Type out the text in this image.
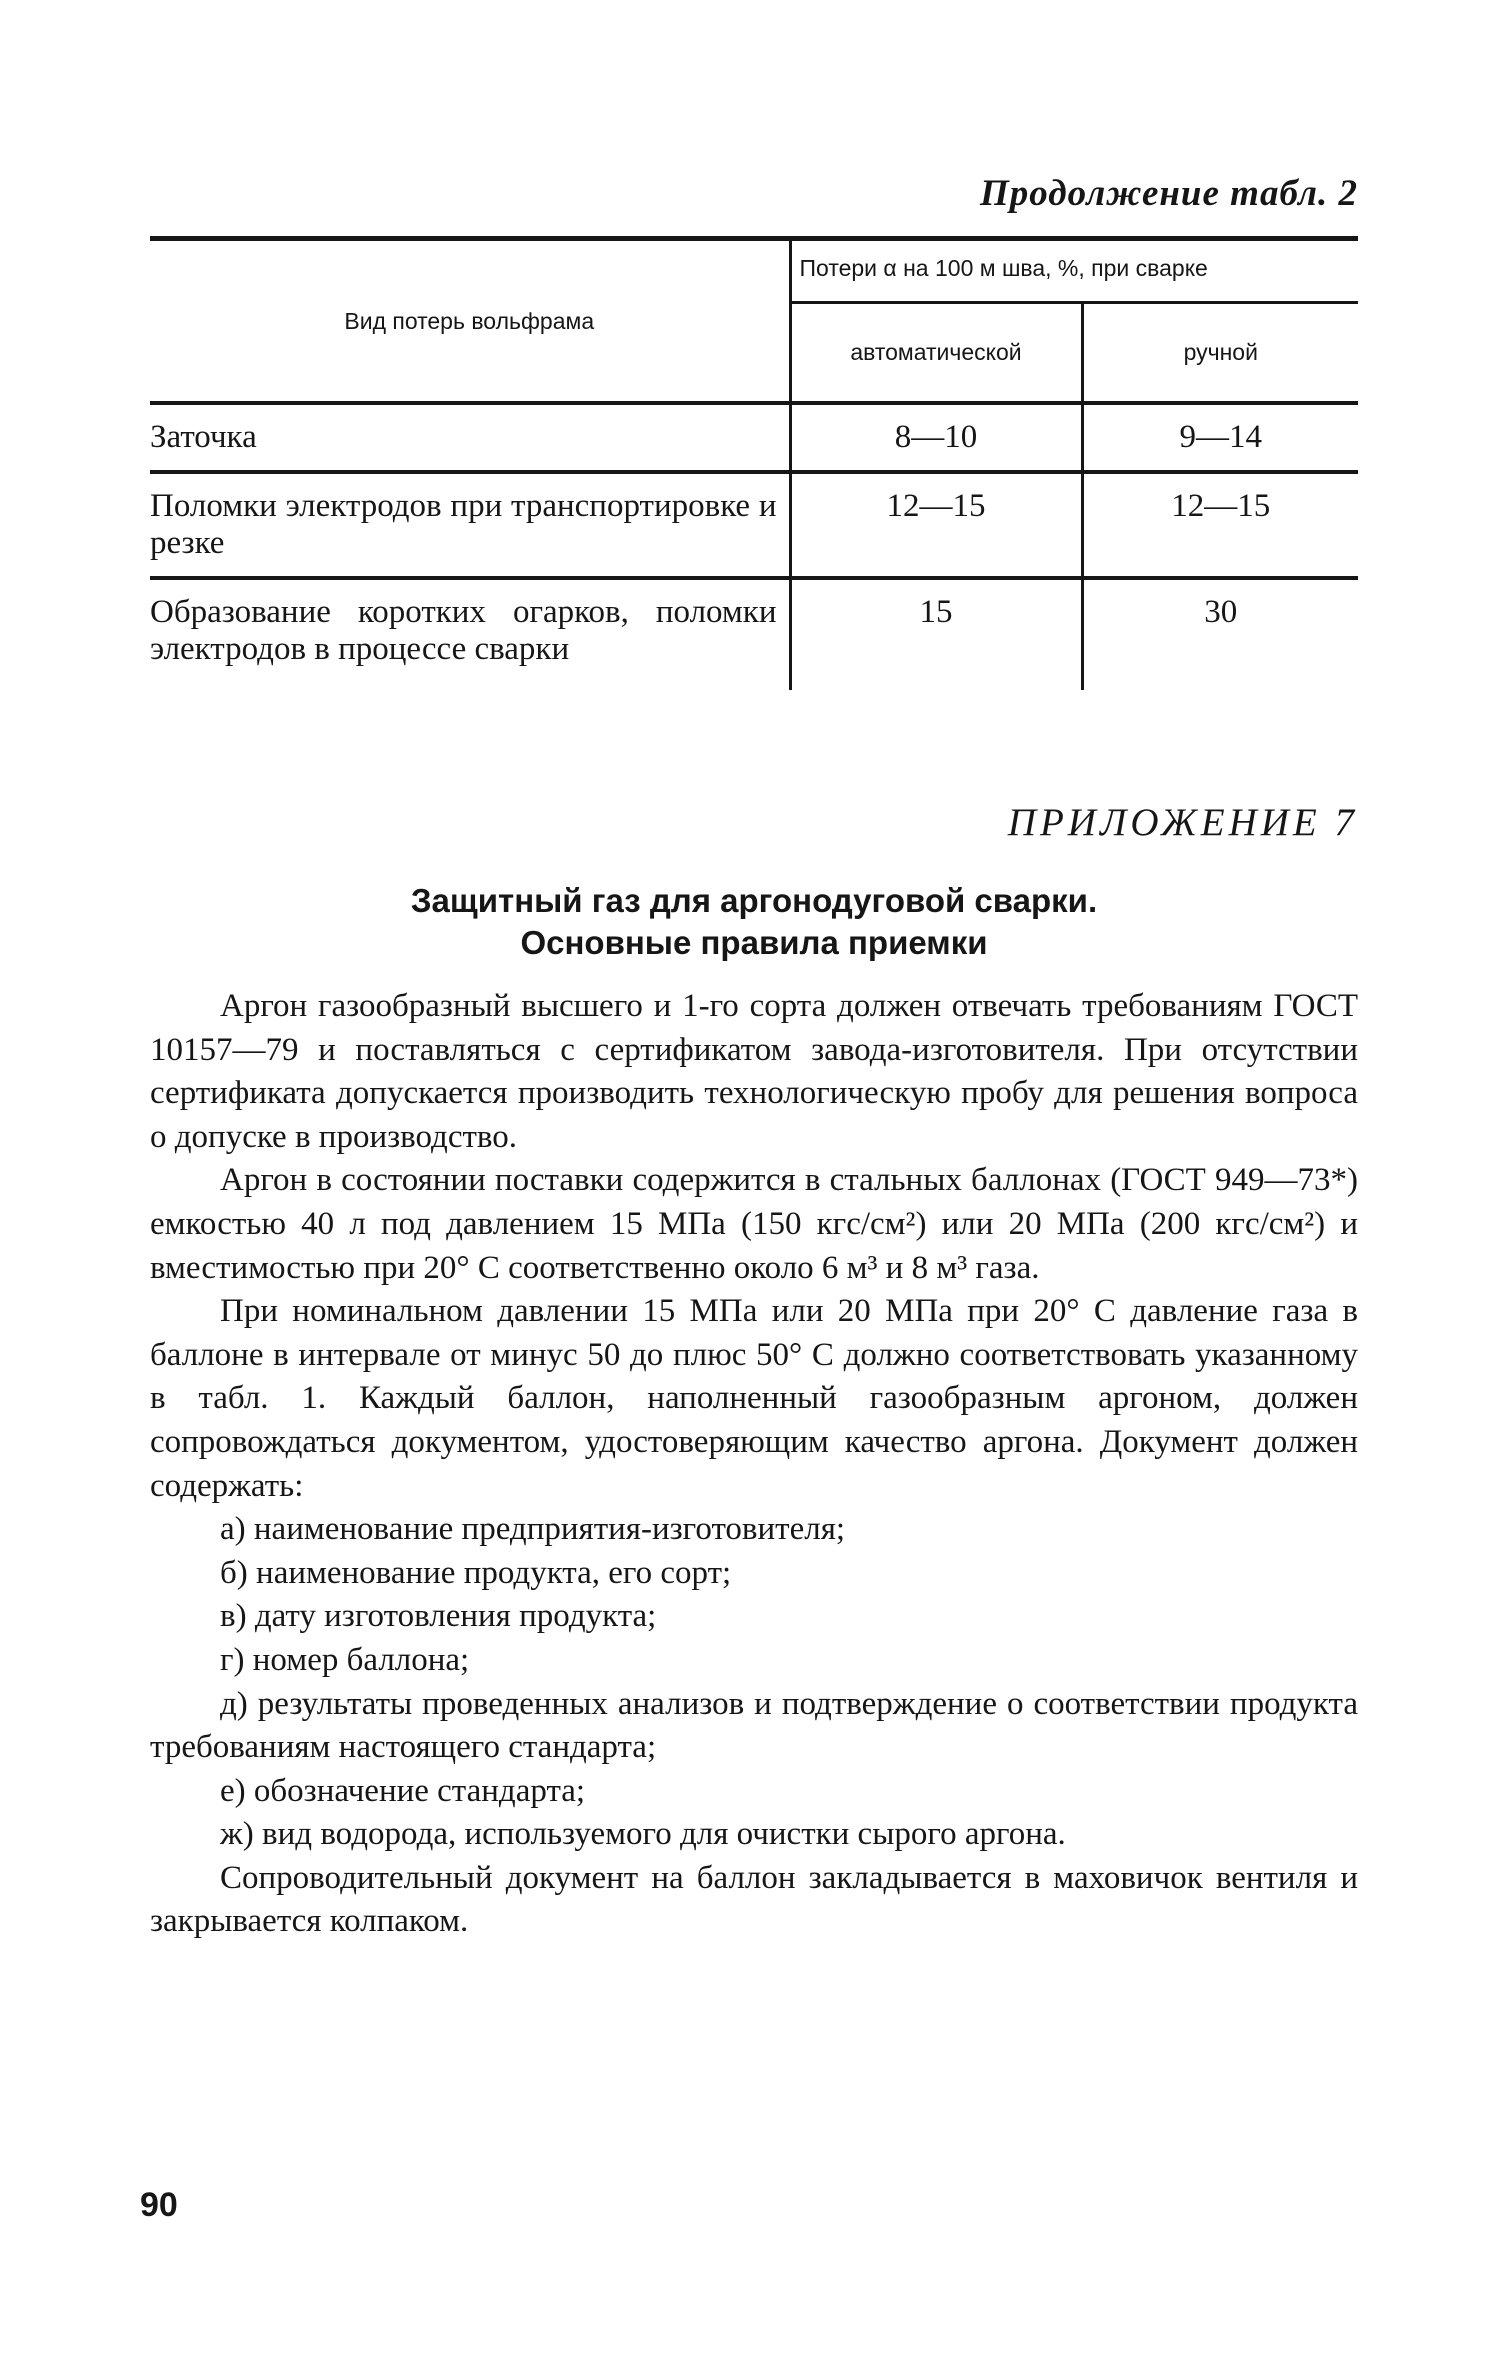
Продолжение табл. 2
Вид потерь вольфрама	Потери α на 100 м шва, %, при сварке	
	автоматической	ручной
Заточка	8—10	9—14
Поломки электродов при транспортировке и резке	12—15	12—15
Образование коротких огарков, поломки электродов в процессе сварки	15	30
ПРИЛОЖЕНИЕ 7
Защитный газ для аргонодуговой сварки.
Основные правила приемки

Аргон газообразный высшего и 1-го сорта должен отвечать требованиям ГОСТ 10157—79 и поставляться с сертификатом завода-изготовителя. При отсутствии сертификата допускается производить технологическую пробу для решения вопроса о допуске в производство.

Аргон в состоянии поставки содержится в стальных баллонах (ГОСТ 949—73*) емкостью 40 л под давлением 15 МПа (150 кгс/см²) или 20 МПа (200 кгс/см²) и вместимостью при 20° С соответственно около 6 м³ и 8 м³ газа.

При номинальном давлении 15 МПа или 20 МПа при 20° С давление газа в баллоне в интервале от минус 50 до плюс 50° С должно соответствовать указанному в табл. 1. Каждый баллон, наполненный газообразным аргоном, должен сопровождаться документом, удостоверяющим качество аргона. Документ должен содержать:

а) наименование предприятия-изготовителя;

б) наименование продукта, его сорт;

в) дату изготовления продукта;

г) номер баллона;

д) результаты проведенных анализов и подтверждение о соответствии продукта требованиям настоящего стандарта;

е) обозначение стандарта;

ж) вид водорода, используемого для очистки сырого аргона.

Сопроводительный документ на баллон закладывается в маховичок вентиля и закрывается колпаком.

90
